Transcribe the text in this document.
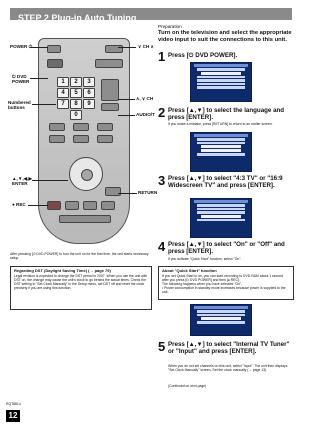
STEP 2 Plug-in Auto Tuning
1	2	3
4	5	6
7	8	9
0
POWER ⏻	∨ CH ∧
⏻ DVD POWER
Numbered buttons
∧, ∨ CH
AUDIO/T
▲,▼,◀,▶ ENTER
RETURN
● REC
After pressing [⏻ DVD POWER] to turn the unit on for the first time, the unit starts necessary setup.
Regarding DST (Daylight Saving Time) (→ page 79)
Legal revision is expected to change the DST period in 2007. When you use the unit with DST on, the change may cause the unit's clock to go behind the actual times. Check the DST setting in "Set Clock Manually" in the Setup menu, set DST off and reset the clock precisely if you are using this function.
Preparation
Turn on the television and select the appropriate video input to suit the connections to this unit.
1 Press [⏻ DVD POWER].
2 Press [▲,▼] to select the language and press [ENTER].
If you make a mistake, press [RETURN] to return to an earlier screen.
3 Press [▲,▼] to select "4:3 TV" or "16:9 Widescreen TV" and press [ENTER].
4 Press [▲,▼] to select "On" or "Off" and press [ENTER].
If you activate "Quick Start" function, select "On".
About "Quick Start" function
If you set Quick Start to on, you can start recording to DVD-RAM about 1 second after you press [⏻ DVD POWER] and then [● REC].
The following happens when you have selected "On".
• Power consumption in standby mode increases because power is supplied to the unit.
5 Press [▲,▼] to select "Internal TV Tuner" or "Input" and press [ENTER].
When you do not set channels on this unit, select "Input". The unit then displays "Set Clock Manually" screen. Set the clock manually (→ page 13).
(Continued on next page)
RQT8814
12
